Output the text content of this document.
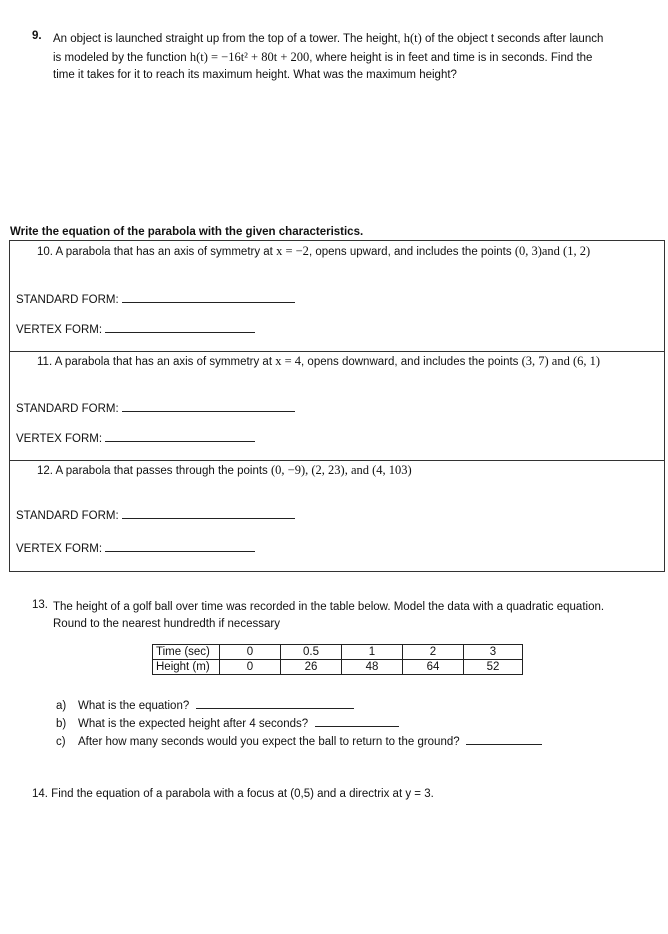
9. An object is launched straight up from the top of a tower. The height, h(t) of the object t seconds after launch
is modeled by the function h(t) = −16t² + 80t + 200, where height is in feet and time is in seconds. Find the
time it takes for it to reach its maximum height. What was the maximum height?
Write the equation of the parabola with the given characteristics.
10. A parabola that has an axis of symmetry at x = −2, opens upward, and includes the points (0, 3)and (1, 2)
STANDARD FORM:
VERTEX FORM:
11. A parabola that has an axis of symmetry at x = 4, opens downward, and includes the points (3, 7) and (6, 1)
STANDARD FORM:
VERTEX FORM:
12. A parabola that passes through the points (0, −9), (2, 23), and (4, 103)
STANDARD FORM:
VERTEX FORM:
13. The height of a golf ball over time was recorded in the table below. Model the data with a quadratic equation.
Round to the nearest hundredth if necessary
Time (sec)	0	0.5	1	2	3
Height (m)	0	26	48	64	52
a) What is the equation?
b) What is the expected height after 4 seconds?
c) After how many seconds would you expect the ball to return to the ground?
14. Find the equation of a parabola with a focus at (0,5) and a directrix at y = 3.
